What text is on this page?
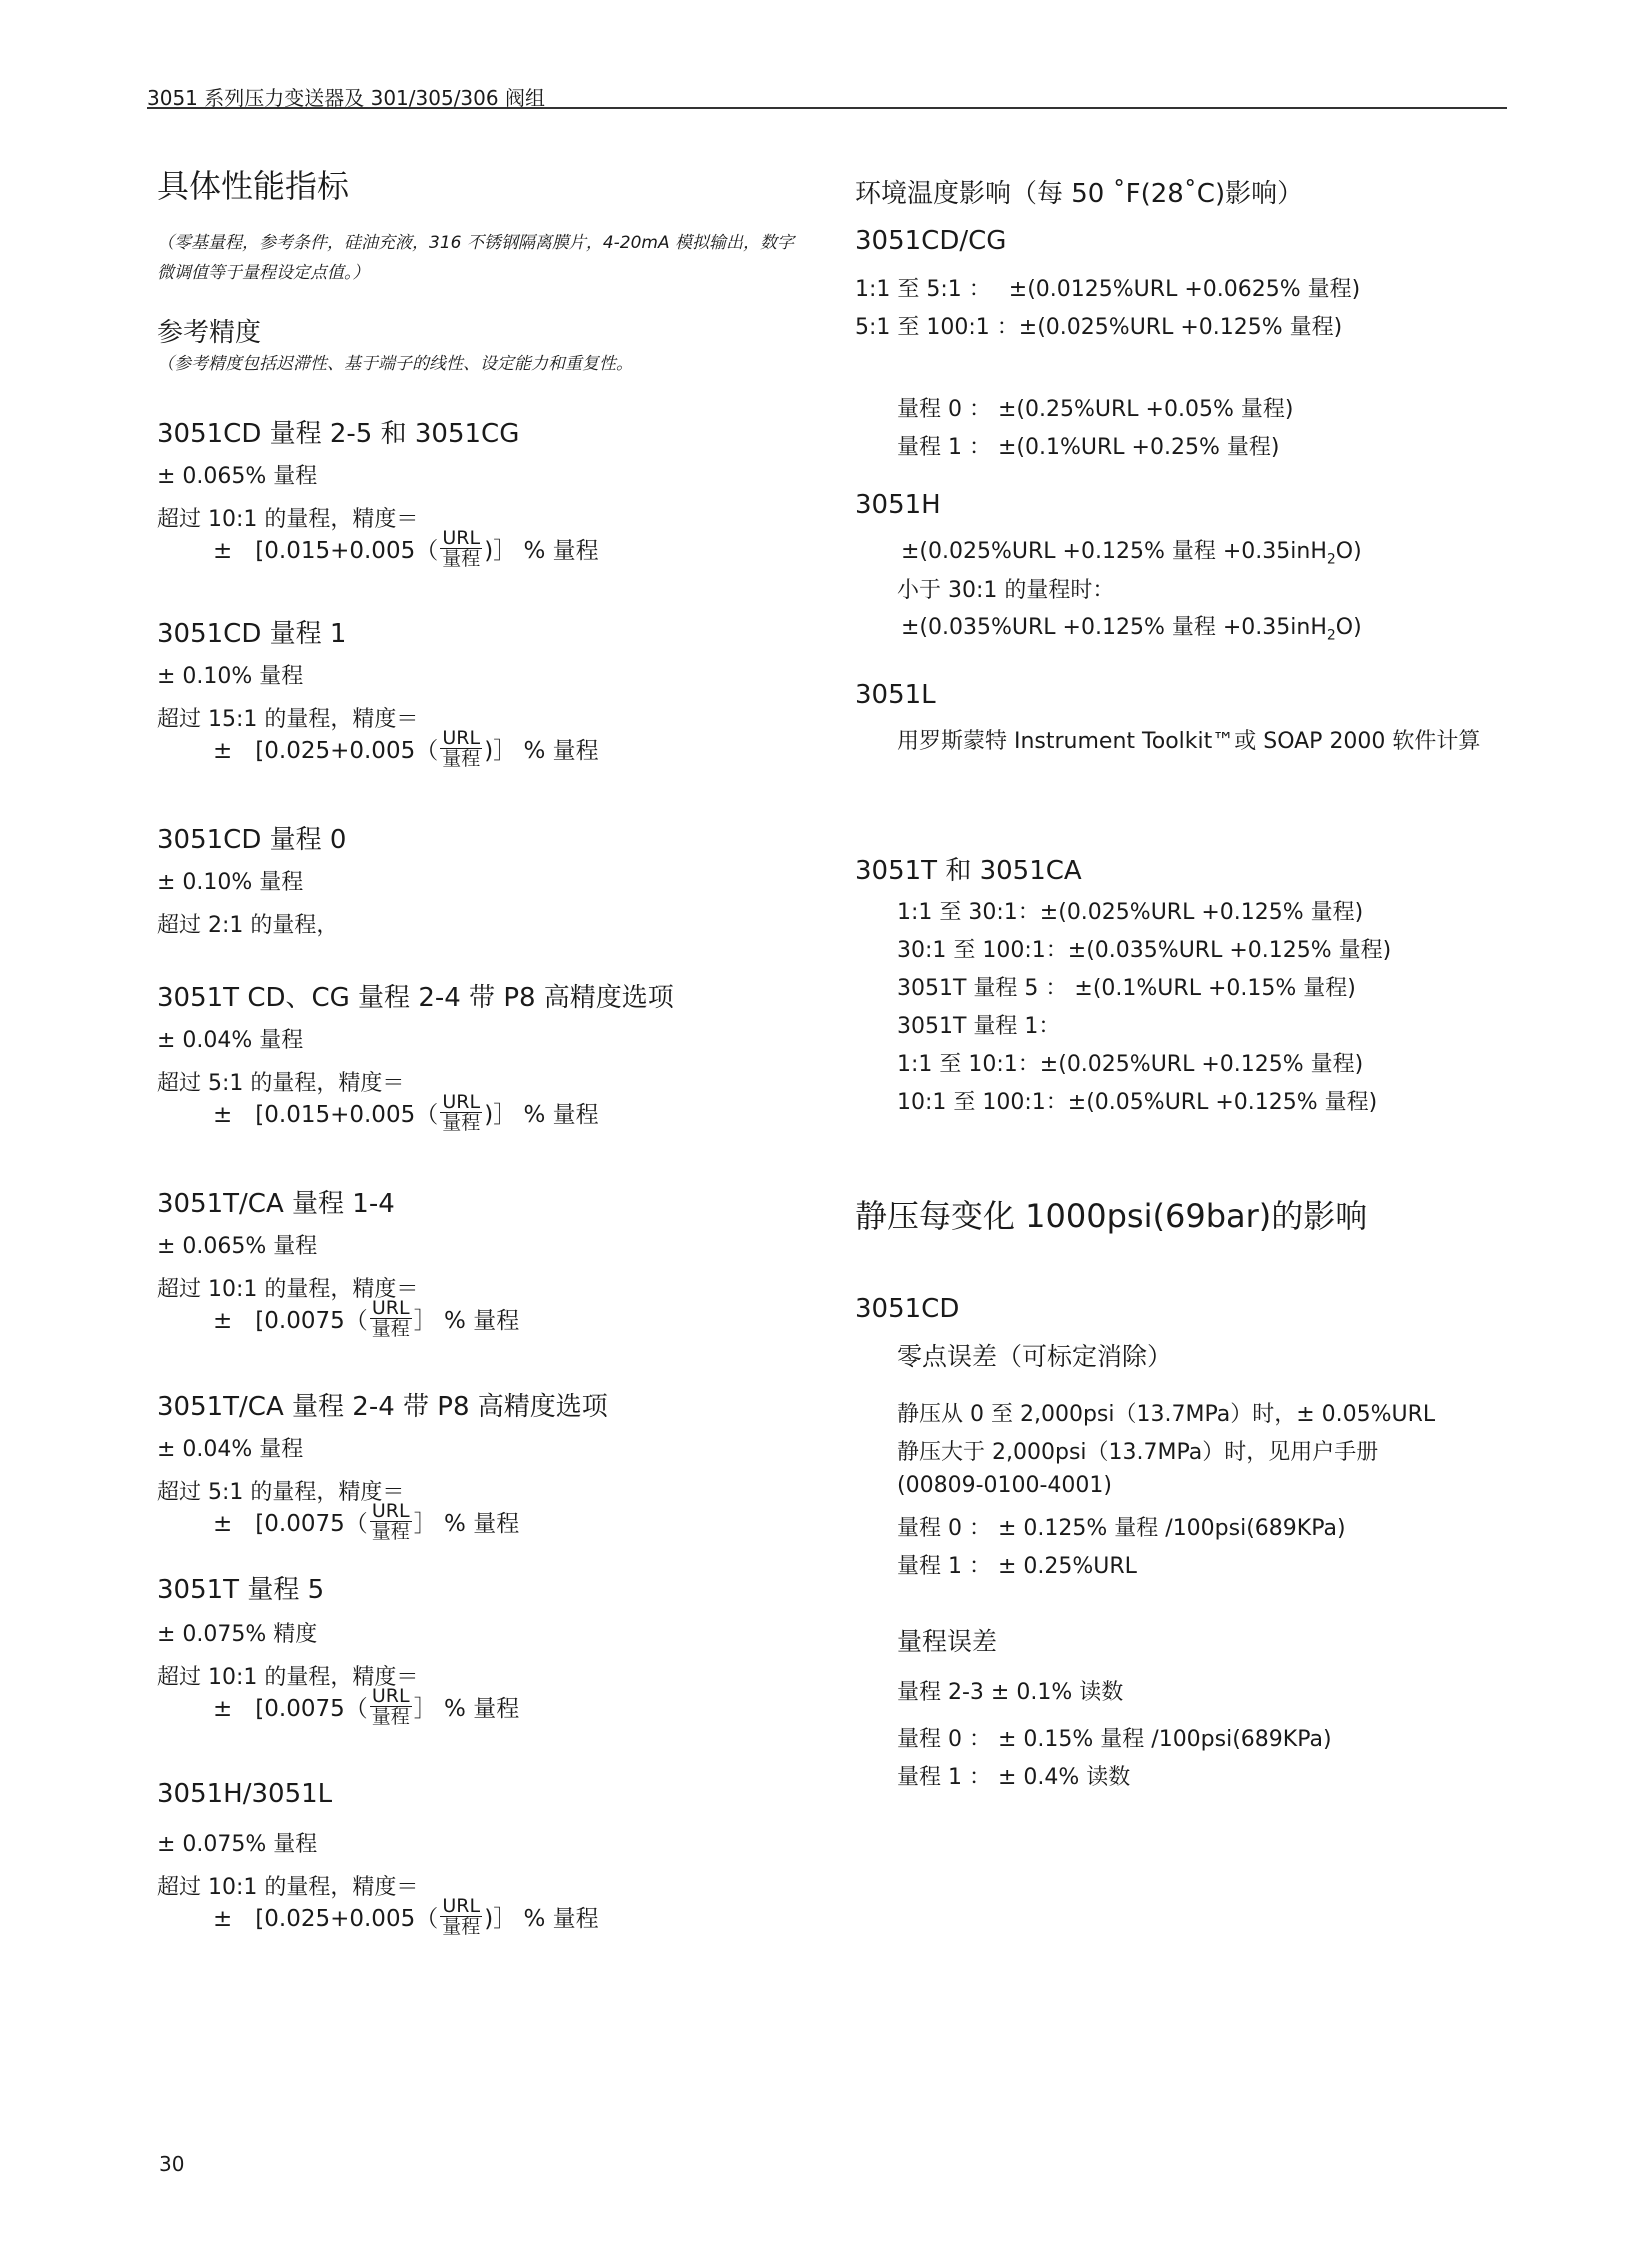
3051 系列压力变送器及 301/305/306 阀组
具体性能指标
（零基量程，参考条件，硅油充液，316 不锈钢隔离膜片，4-20mA 模拟输出，数字微调值等于量程设定点值。）
参考精度
（参考精度包括迟滞性、基于端子的线性、设定能力和重复性。
3051CD 量程 2-5 和 3051CG
± 0.065% 量程
超过 10:1 的量程，精度＝
±　[$0.015+0.005( \frac{\text{URL}}{\text{量程}}$ )］ % 量程
3051CD 量程 1
± 0.10% 量程
超过 15:1 的量程，精度＝
±　[$0.025+0.005( \frac{\text{URL}}{\text{量程}}$ )］ % 量程
3051CD 量程 0
± 0.10% 量程
超过 2:1 的量程，
3051T CD、CG 量程 2-4 带 P8 高精度选项
± 0.04% 量程
超过 5:1 的量程，精度＝
±　[$0.015+0.005( \frac{\text{URL}}{\text{量程}}$ )］ % 量程
3051T/CA 量程 1-4
± 0.065% 量程
超过 10:1 的量程，精度＝
±　[$0.0075( \frac{\text{URL}}{\text{量程}}$ ］ % 量程
3051T/CA 量程 2-4 带 P8 高精度选项
± 0.04% 量程
超过 5:1 的量程，精度＝
±　[$0.0075( \frac{\text{URL}}{\text{量程}}$ ］ % 量程
3051T 量程 5
± 0.075% 精度
超过 10:1 的量程，精度＝
±　[$0.0075( \frac{\text{URL}}{\text{量程}}$ ］ % 量程
3051H/3051L
± 0.075% 量程
超过 10:1 的量程，精度＝
±　[$0.025+0.005( \frac{\text{URL}}{\text{量程}}$ )］ % 量程
环境温度影响（每 50 ˚F(28˚C)影响）
3051CD/CG
1:1 至 5:1 ：　 ±(0.0125%URL +0.0625% 量程)
5:1 至 100:1 ：±(0.025%URL +0.125% 量程)
量程 0 ： ±(0.25%URL +0.05% 量程)
量程 1 ： ±(0.1%URL +0.25% 量程)
3051H
±(0.025%URL +0.125% 量程 +0.35inH$_2$O)
小于 30:1 的量程时：
±(0.035%URL +0.125% 量程 +0.35inH$_2$O)
3051L
用罗斯蒙特 Instrument Toolkit™或 SOAP 2000 软件计算
3051T 和 3051CA
1:1 至 30:1：±(0.025%URL +0.125% 量程)
30:1 至 100:1：±(0.035%URL +0.125% 量程)
3051T 量程 5 ： ±(0.1%URL +0.15% 量程)
3051T 量程 1：
1:1 至 10:1：±(0.025%URL +0.125% 量程)
10:1 至 100:1：±(0.05%URL +0.125% 量程)
静压每变化 1000psi(69bar)的影响
3051CD
零点误差（可标定消除）
静压从 0 至 2,000psi（13.7MPa）时，± 0.05%URL
静压大于 2,000psi（13.7MPa）时，见用户手册
(00809-0100-4001)
量程 0 ： ± 0.125% 量程 /100psi(689KPa)
量程 1 ： ± 0.25%URL
量程误差
量程 2-3 ± 0.1% 读数
量程 0 ： ± 0.15% 量程 /100psi(689KPa)
量程 1 ： ± 0.4% 读数
30
